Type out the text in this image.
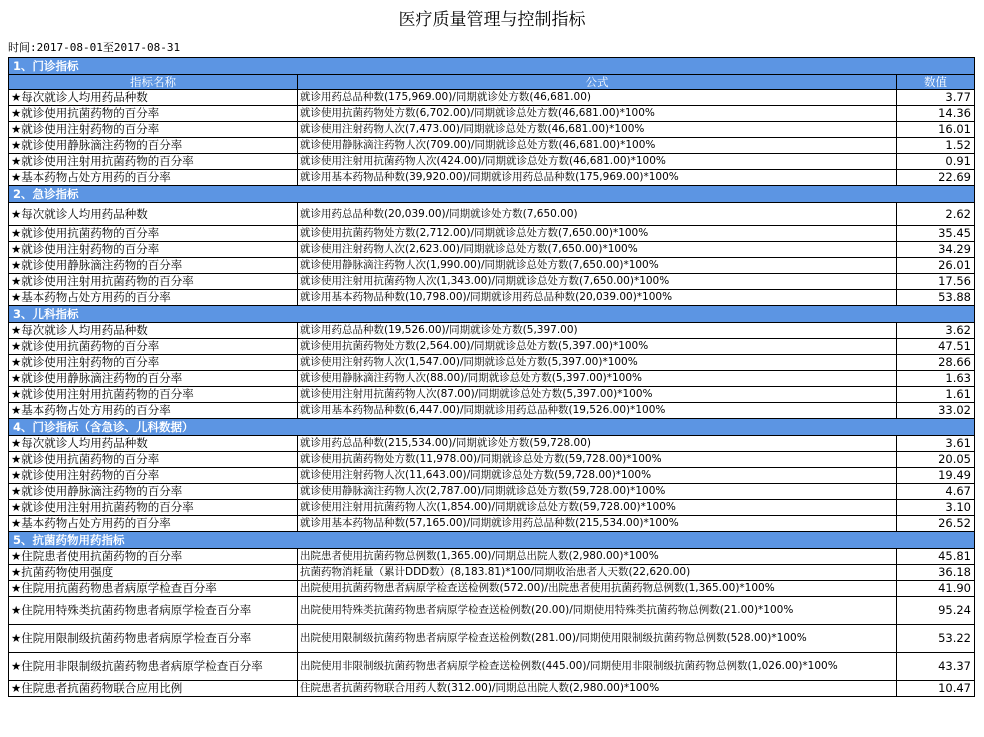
医疗质量管理与控制指标
时间:2017-08-01至2017-08-31
1、门诊指标		
指标名称	公式	数值
★每次就诊人均用药品种数	就诊用药总品种数(175,969.00)/同期就诊处方数(46,681.00)	3.77
★就诊使用抗菌药物的百分率	就诊使用抗菌药物处方数(6,702.00)/同期就诊总处方数(46,681.00)*100%	14.36
★就诊使用注射药物的百分率	就诊使用注射药物人次(7,473.00)/同期就诊总处方数(46,681.00)*100%	16.01
★就诊使用静脉滴注药物的百分率	就诊使用静脉滴注药物人次(709.00)/同期就诊总处方数(46,681.00)*100%	1.52
★就诊使用注射用抗菌药物的百分率	就诊使用注射用抗菌药物人次(424.00)/同期就诊总处方数(46,681.00)*100%	0.91
★基本药物占处方用药的百分率	就诊用基本药物品种数(39,920.00)/同期就诊用药总品种数(175,969.00)*100%	22.69
2、急诊指标		
★每次就诊人均用药品种数	就诊用药总品种数(20,039.00)/同期就诊处方数(7,650.00)	2.62
★就诊使用抗菌药物的百分率	就诊使用抗菌药物处方数(2,712.00)/同期就诊总处方数(7,650.00)*100%	35.45
★就诊使用注射药物的百分率	就诊使用注射药物人次(2,623.00)/同期就诊总处方数(7,650.00)*100%	34.29
★就诊使用静脉滴注药物的百分率	就诊使用静脉滴注药物人次(1,990.00)/同期就诊总处方数(7,650.00)*100%	26.01
★就诊使用注射用抗菌药物的百分率	就诊使用注射用抗菌药物人次(1,343.00)/同期就诊总处方数(7,650.00)*100%	17.56
★基本药物占处方用药的百分率	就诊用基本药物品种数(10,798.00)/同期就诊用药总品种数(20,039.00)*100%	53.88
3、儿科指标		
★每次就诊人均用药品种数	就诊用药总品种数(19,526.00)/同期就诊处方数(5,397.00)	3.62
★就诊使用抗菌药物的百分率	就诊使用抗菌药物处方数(2,564.00)/同期就诊总处方数(5,397.00)*100%	47.51
★就诊使用注射药物的百分率	就诊使用注射药物人次(1,547.00)/同期就诊总处方数(5,397.00)*100%	28.66
★就诊使用静脉滴注药物的百分率	就诊使用静脉滴注药物人次(88.00)/同期就诊总处方数(5,397.00)*100%	1.63
★就诊使用注射用抗菌药物的百分率	就诊使用注射用抗菌药物人次(87.00)/同期就诊总处方数(5,397.00)*100%	1.61
★基本药物占处方用药的百分率	就诊用基本药物品种数(6,447.00)/同期就诊用药总品种数(19,526.00)*100%	33.02
4、门诊指标（含急诊、儿科数据）		
★每次就诊人均用药品种数	就诊用药总品种数(215,534.00)/同期就诊处方数(59,728.00)	3.61
★就诊使用抗菌药物的百分率	就诊使用抗菌药物处方数(11,978.00)/同期就诊总处方数(59,728.00)*100%	20.05
★就诊使用注射药物的百分率	就诊使用注射药物人次(11,643.00)/同期就诊总处方数(59,728.00)*100%	19.49
★就诊使用静脉滴注药物的百分率	就诊使用静脉滴注药物人次(2,787.00)/同期就诊总处方数(59,728.00)*100%	4.67
★就诊使用注射用抗菌药物的百分率	就诊使用注射用抗菌药物人次(1,854.00)/同期就诊总处方数(59,728.00)*100%	3.10
★基本药物占处方用药的百分率	就诊用基本药物品种数(57,165.00)/同期就诊用药总品种数(215,534.00)*100%	26.52
5、抗菌药物用药指标		
★住院患者使用抗菌药物的百分率	出院患者使用抗菌药物总例数(1,365.00)/同期总出院人数(2,980.00)*100%	45.81
★抗菌药物使用强度	抗菌药物消耗量（累计DDD数）(8,183.81)*100/同期收治患者人天数(22,620.00)	36.18
★住院用抗菌药物患者病原学检查百分率	出院使用抗菌药物患者病原学检查送检例数(572.00)/出院患者使用抗菌药物总例数(1,365.00)*100%	41.90
★住院用特殊类抗菌药物患者病原学检查百分率	出院使用特殊类抗菌药物患者病原学检查送检例数(20.00)/同期使用特殊类抗菌药物总例数(21.00)*100%	95.24
★住院用限制级抗菌药物患者病原学检查百分率	出院使用限制级抗菌药物患者病原学检查送检例数(281.00)/同期使用限制级抗菌药物总例数(528.00)*100%	53.22
★住院用非限制级抗菌药物患者病原学检查百分率	出院使用非限制级抗菌药物患者病原学检查送检例数(445.00)/同期使用非限制级抗菌药物总例数(1,026.00)*100%	43.37
★住院患者抗菌药物联合应用比例	住院患者抗菌药物联合用药人数(312.00)/同期总出院人数(2,980.00)*100%	10.47
